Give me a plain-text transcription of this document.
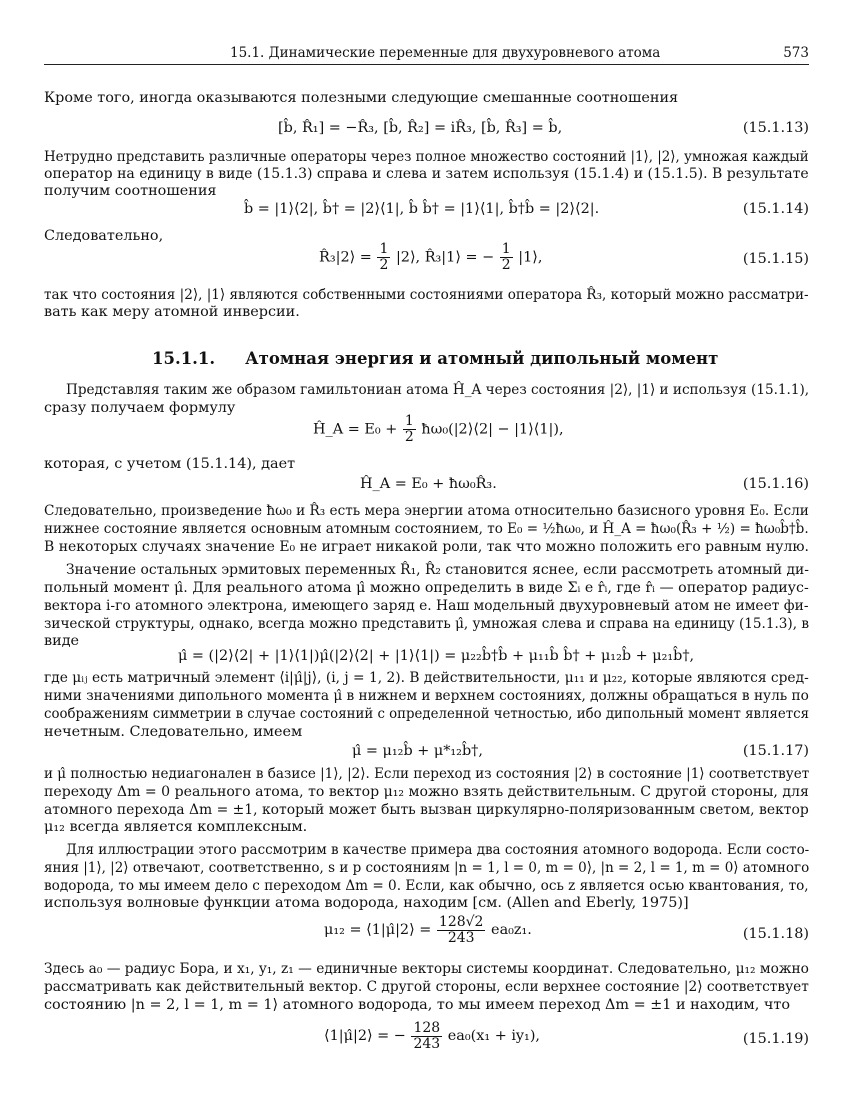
15.1. Динамические переменные для двухуровневого атома	573
Кроме того, иногда оказываются полезными следующие смешанные соотношения
[b̂, R̂₁] = −R̂₃, [b̂, R̂₂] = iR̂₃, [b̂, R̂₃] = b̂,	(15.1.13)
Нетрудно представить различные операторы через полное множество состояний |1⟩, |2⟩, умножая каждый
оператор на единицу в виде (15.1.3) справа и слева и затем используя (15.1.4) и (15.1.5). В результате
получим соотношения
b̂ = |1⟩⟨2|, b̂† = |2⟩⟨1|, b̂ b̂† = |1⟩⟨1|, b̂†b̂ = |2⟩⟨2|.	(15.1.14)
Следовательно,
R̂₃|2⟩ = $\frac{1}{2}$ |2⟩, R̂₃|1⟩ = − $\frac{1}{2}$ |1⟩,	(15.1.15)
так что состояния |2⟩, |1⟩ являются собственными состояниями оператора R̂₃, который можно рассматри-
вать как меру атомной инверсии.
15.1.1. Атомная энергия и атомный дипольный момент
Представляя таким же образом гамильтониан атома Ĥ_A через состояния |2⟩, |1⟩ и используя (15.1.1),
сразу получаем формулу
Ĥ_A = $E_0 + \frac{1}{2}$ ħω₀(|2⟩⟨2| − |1⟩⟨1|),
которая, с учетом (15.1.14), дает
Ĥ_A = E₀ + ħω₀R̂₃.	(15.1.16)
Следовательно, произведение ħω₀ и R̂₃ есть мера энергии атома относительно базисного уровня E₀. Если
нижнее состояние является основным атомным состоянием, то E₀ = ½ħω₀, и Ĥ_A = ħω₀(R̂₃ + ½) = ħω₀b̂†b̂.
В некоторых случаях значение E₀ не играет никакой роли, так что можно положить его равным нулю.
Значение остальных эрмитовых переменных R̂₁, R̂₂ становится яснее, если рассмотреть атомный ди-
польный момент μ̂. Для реального атома μ̂ можно определить в виде Σᵢ e r̂ᵢ, где r̂ᵢ — оператор радиус-
вектора i-го атомного электрона, имеющего заряд e. Наш модельный двухуровневый атом не имеет фи-
зической структуры, однако, всегда можно представить μ̂, умножая слева и справа на единицу (15.1.3), в
виде
μ̂ = (|2⟩⟨2| + |1⟩⟨1|)μ̂(|2⟩⟨2| + |1⟩⟨1|) = μ₂₂b̂†b̂ + μ₁₁b̂ b̂† + μ₁₂b̂ + μ₂₁b̂†,
где μᵢⱼ есть матричный элемент ⟨i|μ̂|j⟩, (i, j = 1, 2). В действительности, μ₁₁ и μ₂₂, которые являются сред-
ними значениями дипольного момента μ̂ в нижнем и верхнем состояниях, должны обращаться в нуль по
соображениям симметрии в случае состояний с определенной четностью, ибо дипольный момент является
нечетным. Следовательно, имеем
μ̂ = μ₁₂b̂ + μ*₁₂b̂†,	(15.1.17)
и μ̂ полностью недиагонален в базисе |1⟩, |2⟩. Если переход из состояния |2⟩ в состояние |1⟩ соответствует
переходу Δm = 0 реального атома, то вектор μ₁₂ можно взять действительным. С другой стороны, для
атомного перехода Δm = ±1, который может быть вызван циркулярно-поляризованным светом, вектор
μ₁₂ всегда является комплексным.
Для иллюстрации этого рассмотрим в качестве примера два состояния атомного водорода. Если состо-
яния |1⟩, |2⟩ отвечают, соответственно, s и p состояниям |n = 1, l = 0, m = 0⟩, |n = 2, l = 1, m = 0⟩ атомного
водорода, то мы имеем дело с переходом Δm = 0. Если, как обычно, ось z является осью квантования, то,
используя волновые функции атома водорода, находим [см. (Allen and Eberly, 1975)]
μ₁₂ = ⟨1|μ̂|2⟩ = $\frac{128√2}{243} ea_0z_1$.	(15.1.18)
Здесь a₀ — радиус Бора, и x₁, y₁, z₁ — единичные векторы системы координат. Следовательно, μ₁₂ можно
рассматривать как действительный вектор. С другой стороны, если верхнее состояние |2⟩ соответствует
состоянию |n = 2, l = 1, m = 1⟩ атомного водорода, то мы имеем переход Δm = ±1 и находим, что
⟨1|μ̂|2⟩ = − $\frac{128}{243} ea_0(x_1 + iy_1)$,	(15.1.19)
